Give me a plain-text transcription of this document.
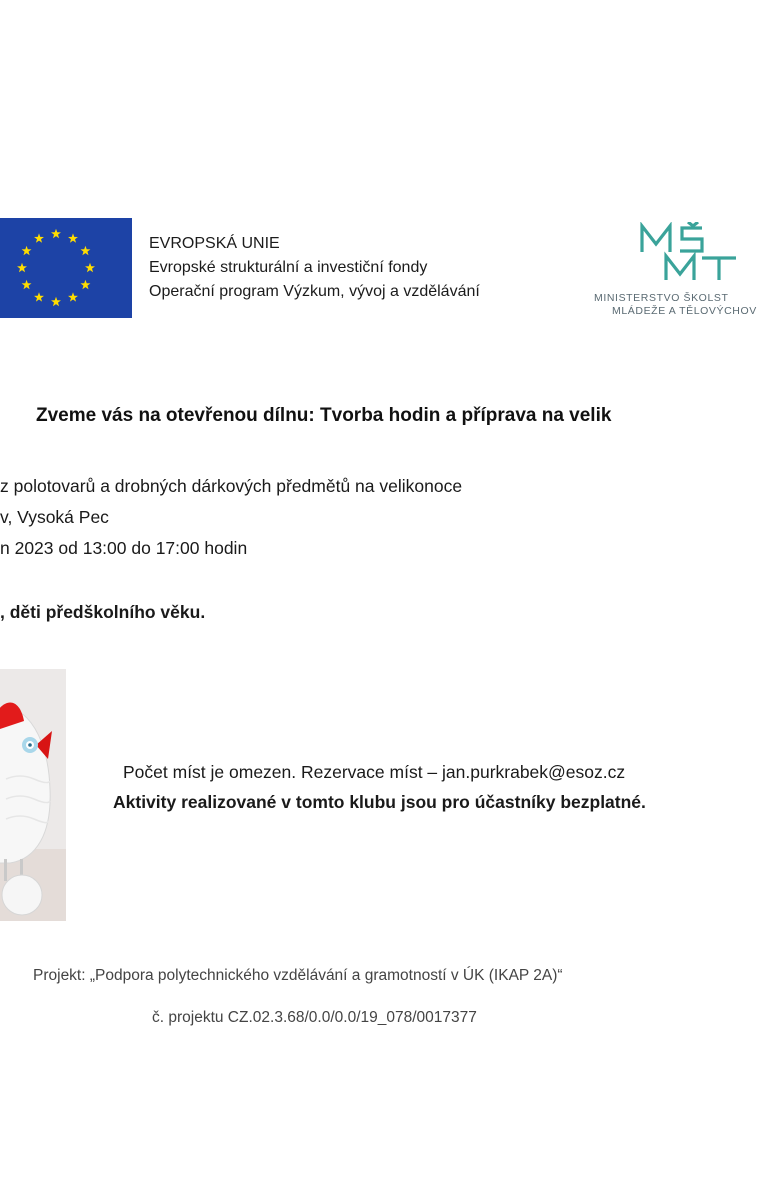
EVROPSKÁ UNIE
Evropské strukturální a investiční fondy
Operační program Výzkum, vývoj a vzdělávání	MINISTERSTVO ŠKOLST
MLÁDEŽE A TĚLOVÝCHOV
Zveme vás na otevřenou dílnu: Tvorba hodin a příprava na velik
z polotovarů a drobných dárkových předmětů na velikonoce
v, Vysoká Pec
n 2023 od 13:00 do 17:00 hodin
, děti předškolního věku.
Počet míst je omezen. Rezervace míst – jan.purkrabek@esoz.cz
Aktivity realizované v tomto klubu jsou pro účastníky bezplatné.
Projekt: „Podpora polytechnického vzdělávání a gramotností v ÚK (IKAP 2A)“
č. projektu CZ.02.3.68/0.0/0.0/19_078/0017377
